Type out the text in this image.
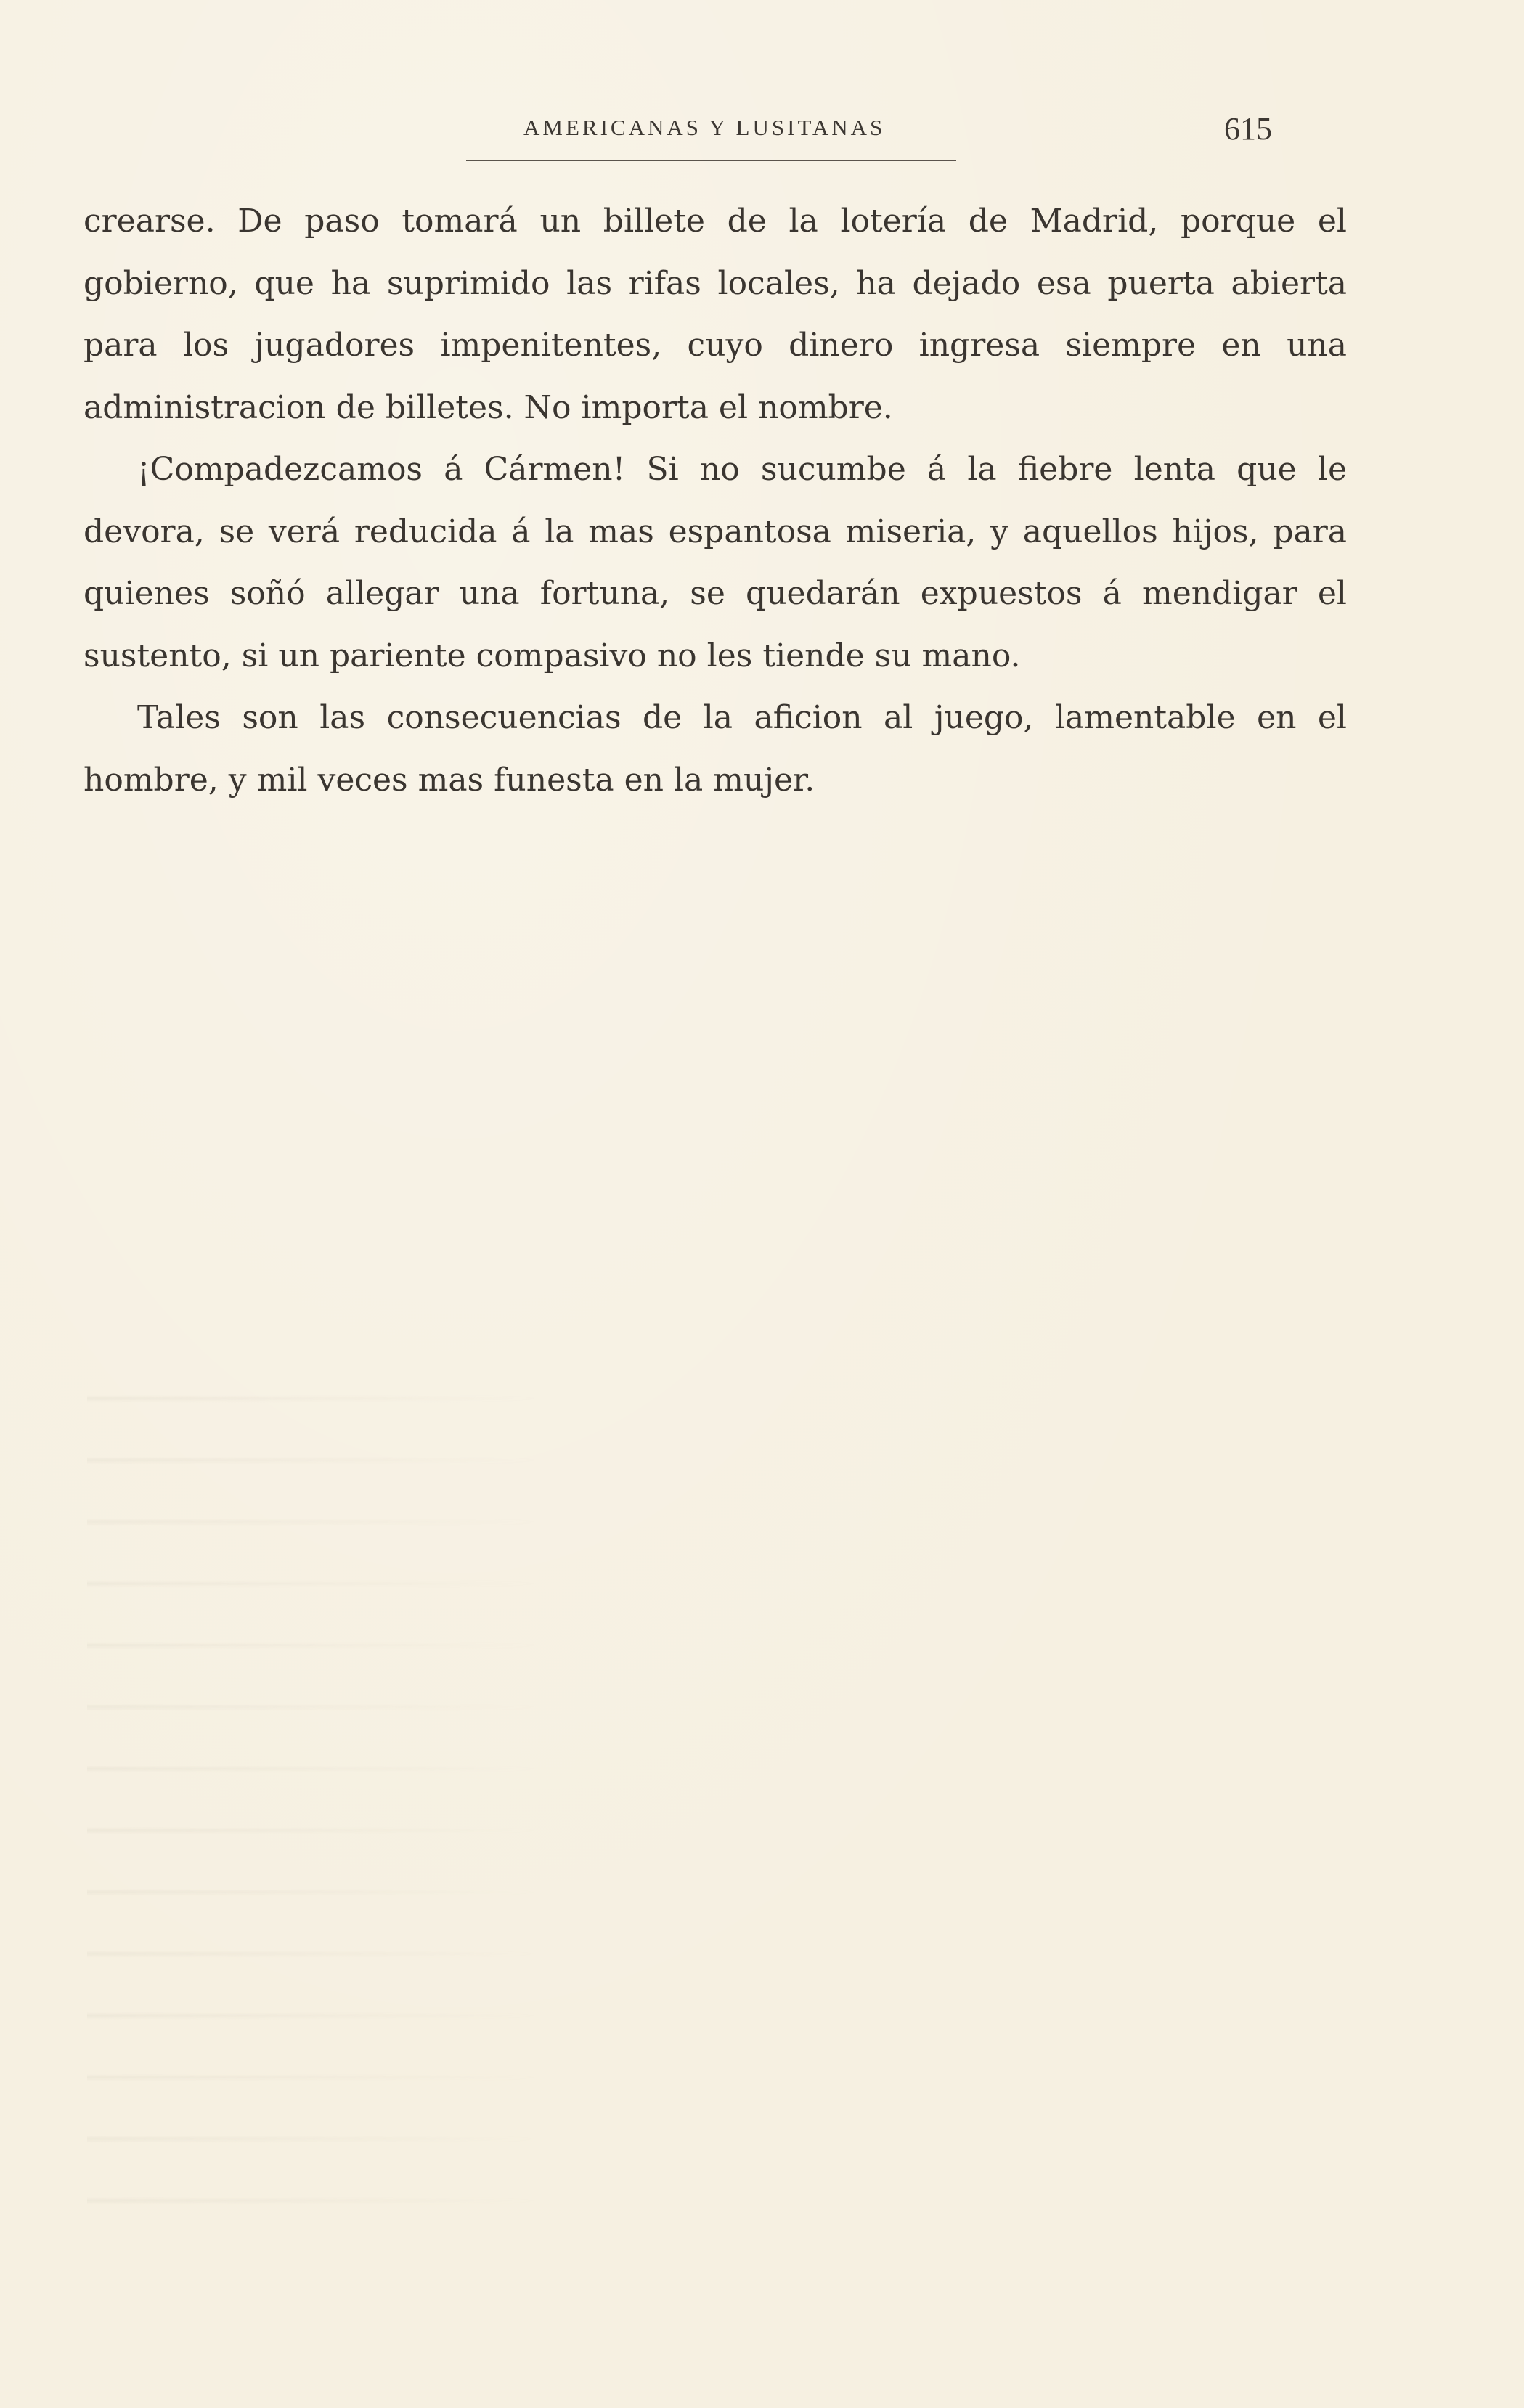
AMERICANAS Y LUSITANAS	615

crearse. De paso tomará un billete de la lotería de Madrid, porque el gobierno, que ha suprimido las rifas locales, ha dejado esa puerta abierta para los jugadores impenitentes, cuyo dinero ingresa siempre en una administracion de billetes. No importa el nombre.

¡Compadezcamos á Cármen! Si no sucumbe á la fiebre lenta que le devora, se verá reducida á la mas espantosa miseria, y aquellos hijos, para quienes soñó allegar una fortuna, se quedarán expuestos á mendigar el sustento, si un pariente compasivo no les tiende su mano.

Tales son las consecuencias de la aficion al juego, lamentable en el hombre, y mil veces mas funesta en la mujer.
